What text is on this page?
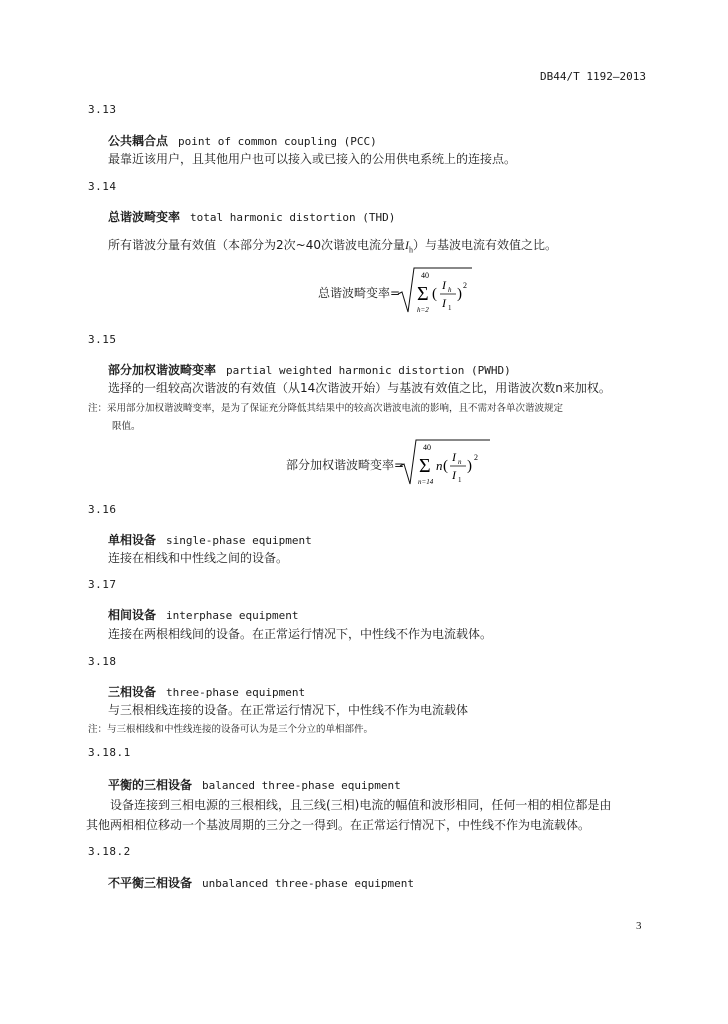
DB44/T 1192—2013
3.13
公共耦合点 point of common coupling (PCC)
最靠近该用户，且其他用户也可以接入或已接入的公用供电系统上的连接点。
3.14
总谐波畸变率 total harmonic distortion (THD)
所有谐波分量有效值（本部分为2次~40次谐波电流分量$I_h$）与基波电流有效值之比。
总谐波畸变率=
40
Σ
h=2
(
I h
I 1
)
2
3.15
部分加权谐波畸变率 partial weighted harmonic distortion (PWHD)
选择的一组较高次谐波的有效值（从14次谐波开始）与基波有效值之比，用谐波次数n来加权。
注：采用部分加权谐波畸变率，是为了保证充分降低其结果中的较高次谐波电流的影响，且不需对各单次谐波规定
限值。
部分加权谐波畸变率=
40
Σ
n=14
n (
I n
I 1
)
2
3.16
单相设备 single-phase equipment
连接在相线和中性线之间的设备。
3.17
相间设备 interphase equipment
连接在两根相线间的设备。在正常运行情况下，中性线不作为电流载体。
3.18
三相设备 three-phase equipment
与三根相线连接的设备。在正常运行情况下，中性线不作为电流载体
注：与三根相线和中性线连接的设备可认为是三个分立的单相部件。
3.18.1
平衡的三相设备 balanced three-phase equipment
设备连接到三相电源的三根相线，且三线(三相)电流的幅值和波形相同，任何一相的相位都是由
其他两相相位移动一个基波周期的三分之一得到。在正常运行情况下，中性线不作为电流载体。
3.18.2
不平衡三相设备 unbalanced three-phase equipment
3
